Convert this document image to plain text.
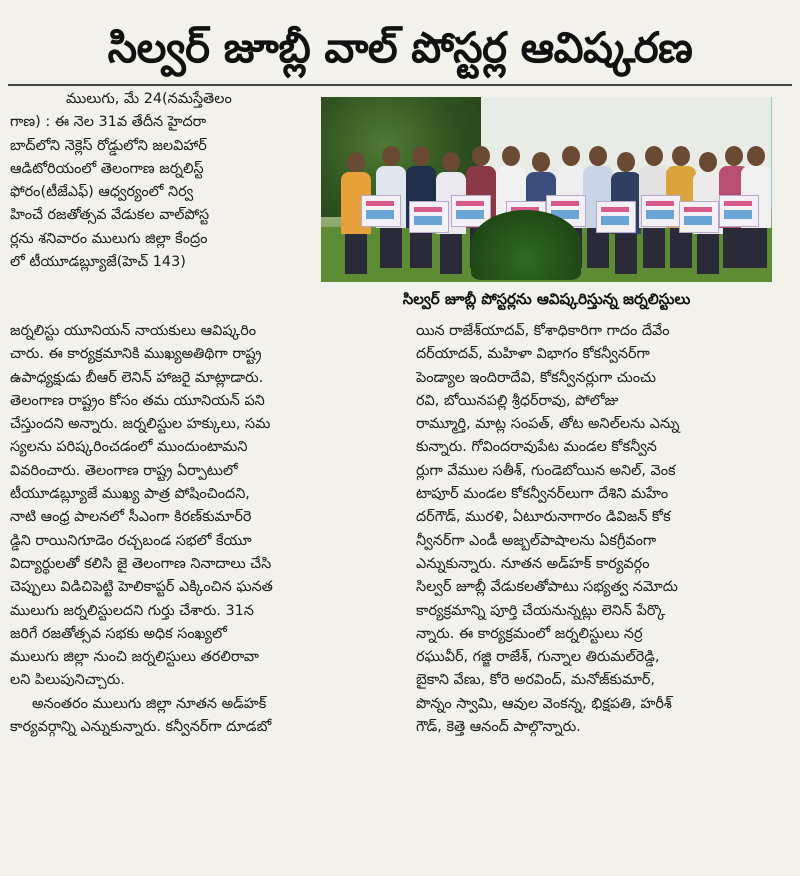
సిల్వర్ జూబ్లీ వాల్ పోస్టర్ల ఆవిష్కరణ
ములుగు, మే 24(నమస్తేతెలం
గాణ) : ఈ నెల 31వ తేదీన హైదరా
బాద్‌లోని నెక్లెస్ రోడ్డులోని జలవిహార్
ఆడిటోరియంలో తెలంగాణ జర్నలిస్ట్
ఫోరం(టీజేఎఫ్) ఆధ్వర్యంలో నిర్వ
హించే రజతోత్సవ వేడుకల వాల్‌పోస్ట
ర్లను శనివారం ములుగు జిల్లా కేంద్రం
లో టీయూడబ్ల్యూజే(హెచ్ 143)
సిల్వర్ జూబ్లీ పోస్టర్లను ఆవిష్కరిస్తున్న జర్నలిస్టులు
జర్నలిస్టు యూనియన్ నాయకులు ఆవిష్కరిం
చారు. ఈ కార్యక్రమానికి ముఖ్యఅతిథిగా రాష్ట్ర
ఉపాధ్యక్షుడు బీఆర్ లెనిన్ హాజరై మాట్లాడారు.
తెలంగాణ రాష్ట్రం కోసం తమ యూనియన్ పని
చేస్తుందని అన్నారు. జర్నలిస్టుల హక్కులు, సమ
స్యలను పరిష్కరించడంలో ముందుంటామని
వివరించారు. తెలంగాణ రాష్ట్ర ఏర్పాటులో
టీయూడబ్ల్యూజే ముఖ్య పాత్ర పోషించిందని,
నాటి ఆంధ్ర పాలనలో సీఎంగా కిరణ్‌కుమార్‌రె
డ్డిని రాయినిగూడెం రచ్చబండ సభలో కేయూ
విద్యార్థులతో కలిసి జై తెలంగాణ నినాదాలు చేసి
చెప్పులు విడిచిపెట్టి హెలికాప్టర్ ఎక్కించిన ఘనత
ములుగు జర్నలిస్టులదని గుర్తు చేశారు. 31న
జరిగే రజతోత్సవ సభకు అధిక సంఖ్యలో
ములుగు జిల్లా నుంచి జర్నలిస్టులు తరలిరావా
లని పిలుపునిచ్చారు.
అనంతరం ములుగు జిల్లా నూతన అడ్‌హక్
కార్యవర్గాన్ని ఎన్నుకున్నారు. కన్వీనర్‌గా దూడబో
యిన రాజేశ్‌యాదవ్, కోశాధికారిగా గాదం దేవేం
దర్‌యాదవ్, మహిళా విభాగం కోకన్వీనర్‌గా
పెండ్యాల ఇందిరాదేవి, కోకన్వీనర్లుగా చుంచు
రవి, బోయినపల్లి శ్రీధర్‌రావు, పోలోజు
రామ్మూర్తి, మాట్ల సంపత్, తోట అనిల్‌లను ఎన్ను
కున్నారు. గోవిందరావుపేట మండల కోకన్వీన
ర్లుగా వేముల సతీశ్, గుండెబోయిన అనిల్, వెంక
టాపూర్ మండల కోకన్వీనర్‌లుగా దేశిని మహేం
దర్‌గౌడ్, మురళి, ఏటూరునాగారం డివిజన్ కోక
న్వీనర్‌గా ఎండీ అజ్బల్‌పాషాలను ఏకగ్రీవంగా
ఎన్నుకున్నారు. నూతన అడ్‌హక్ కార్యవర్గం
సిల్వర్ జూబ్లీ వేడుకలతోపాటు సభ్యత్వ నమోదు
కార్యక్రమాన్ని పూర్తి చేయనున్నట్లు లెనిన్ పేర్కొ
న్నారు. ఈ కార్యక్రమంలో జర్నలిస్టులు నర్ర
రఘువీర్, గజ్జి రాజేశ్, గున్నాల తిరుమల్‌రెడ్డి,
బైకాని వేణు, కోరె అరవింద్, మనోజ్‌కుమార్,
పొన్నం స్వామి, ఆవుల వెంకన్న, భిక్షపతి, హరీశ్
గౌడ్, కెత్తె ఆనంద్ పాల్గొన్నారు.
